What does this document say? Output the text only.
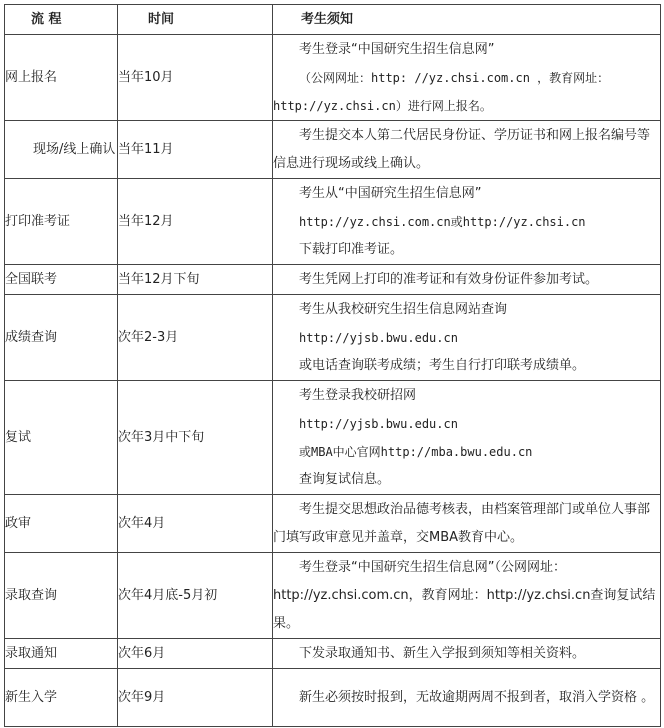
流 程	时间	考生须知
网上报名	当年10月	考生登录“中国研究生招生信息网”
（公网网址：http: //yz.chsi.com.cn ，教育网址：http://yz.chsi.cn）进行网上报名。

现场/线上确认	当年11月	考生提交本人第二代居民身份证、学历证书和网上报名编号等信息进行现场或线上确认。

打印准考证	当年12月	考生从“中国研究生招生信息网”
http://yz.chsi.com.cn或http://yz.chsi.cn
下载打印准考证。

全国联考	当年12月下旬	考生凭网上打印的准考证和有效身份证件参加考试。

成绩查询	次年2-3月	考生从我校研究生招生信息网站查询
http://yjsb.bwu.edu.cn
或电话查询联考成绩；考生自行打印联考成绩单。

复试	次年3月中下旬	考生登录我校研招网
http://yjsb.bwu.edu.cn
或MBA中心官网http://mba.bwu.edu.cn
查询复试信息。

政审	次年4月	考生提交思想政治品德考核表，由档案管理部门或单位人事部门填写政审意见并盖章，交MBA教育中心。

录取查询	次年4月底-5月初	考生登录“中国研究生招生信息网”（公网网址：http://yz.chsi.com.cn，教育网址：http://yz.chsi.cn查询复试结果。

录取通知	次年6月	下发录取通知书、新生入学报到须知等相关资料。

新生入学	次年9月	新生必须按时报到，无故逾期两周不报到者，取消入学资格 。
